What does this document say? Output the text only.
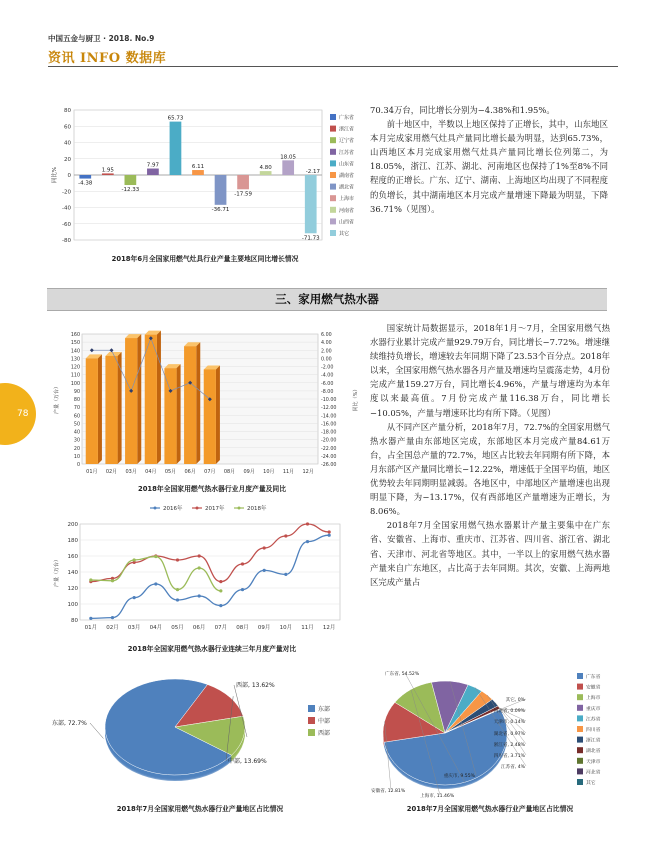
中国五金与厨卫 · 2018. No.9
资讯 INFO 数据库
78
80
60
40
20
0
-20
-40
-60
-80
同比%
-4.38
1.95
-12.33
7.97
65.73
6.11
-36.71
-17.59
4.80
18.05
-71.73
-2.17
广东省
浙江省
辽宁省
江苏省
山东省
湖南省
湖北省
上海市
河南省
山西省
其它
2018年6月全国家用燃气灶具行业产量主要地区同比增长情况

70.34万台，同比增长分别为−4.38%和1.95%。

前十地区中，半数以上地区保持了正增长，其中，山东地区本月完成家用燃气灶具产量同比增长最为明显，达到65.73%，山西地区本月完成家用燃气灶具产量同比增长位列第二，为18.05%，浙江、江苏、湖北、河南地区也保持了1%至8%不同程度的正增长。广东、辽宁、湖南、上海地区均出现了不同程度的负增长，其中湖南地区本月完成产量增速下降最为明显，下降36.71%（见图）。

三、家用燃气热水器
160
150
140
130
120
110
100
90
80
70
60
50
40
30
20
10
0
6.00
4.00
2.00
0.00
-2.00
-4.00
-6.00
-8.00
-10.00
-12.00
-14.00
-16.00
-18.00
-20.00
-22.00
-24.00
-26.00
产量（万台）	同比（%）
01月 02月 03月 04月 05月 06月 07月 08月 09月 10月 11月 12月
2018年全国家用燃气热水器行业月度产量及同比
200
180
160
140
120
100
80
产量（万台）
01月 02月 03月 04月 05月 06月 07月 08月 09月 10月 11月 12月
2016年	2017年	2018年
2018年全国家用燃气热水器行业连续三年月度产量对比

国家统计局数据显示，2018年1月～7月，全国家用燃气热水器行业累计完成产量929.79万台，同比增长−7.72%。增速继续维持负增长，增速较去年同期下降了23.53个百分点。2018年以来，全国家用燃气热水器各月产量及增速均呈震荡走势，4月份完成产量159.27万台，同比增长4.96%，产量与增速均为本年度以来最高值。7月份完成产量116.38万台，同比增长−10.05%，产量与增速环比均有所下降。（见图）

从不同产区产量分析，2018年7月，72.7%的全国家用燃气热水器产量由东部地区完成，东部地区本月完成产量84.61万台，占全国总产量的72.7%，地区占比较去年同期有所下降，本月东部产区产量同比增长−12.22%，增速低于全国平均值，地区优势较去年同期明显减弱。各地区中，中部地区产量增速也出现明显下降，为−13.17%，仅有西部地区产量增速为正增长，为8.06%。

2018年7月全国家用燃气热水器累计产量主要集中在广东省、安徽省、上海市、重庆市、江苏省、四川省、浙江省、湖北省、天津市、河北省等地区。其中，一半以上的家用燃气热水器产量来自广东地区，占比高于去年同期。其次，安徽、上海两地区完成产量占

东部, 72.7%
中部, 13.69%
西部, 13.62%
东部
中部
西部
2018年7月全国家用燃气热水器行业产量地区占比情况
广东省, 54.52%
安徽省, 12.81%
上海市, 11.46%
重庆市, 9.55%
江苏省, 4%
四川省, 3.71%
浙江省, 2.48%
湖北省, 0.97%
天津市, 0.14%
河北省, 0.09%
其它, 0%
广东省
安徽省
上海市
重庆市
江苏省
四川省
浙江省
湖北省
天津市
河北省
其它
2018年7月全国家用燃气热水器行业产量地区占比情况
